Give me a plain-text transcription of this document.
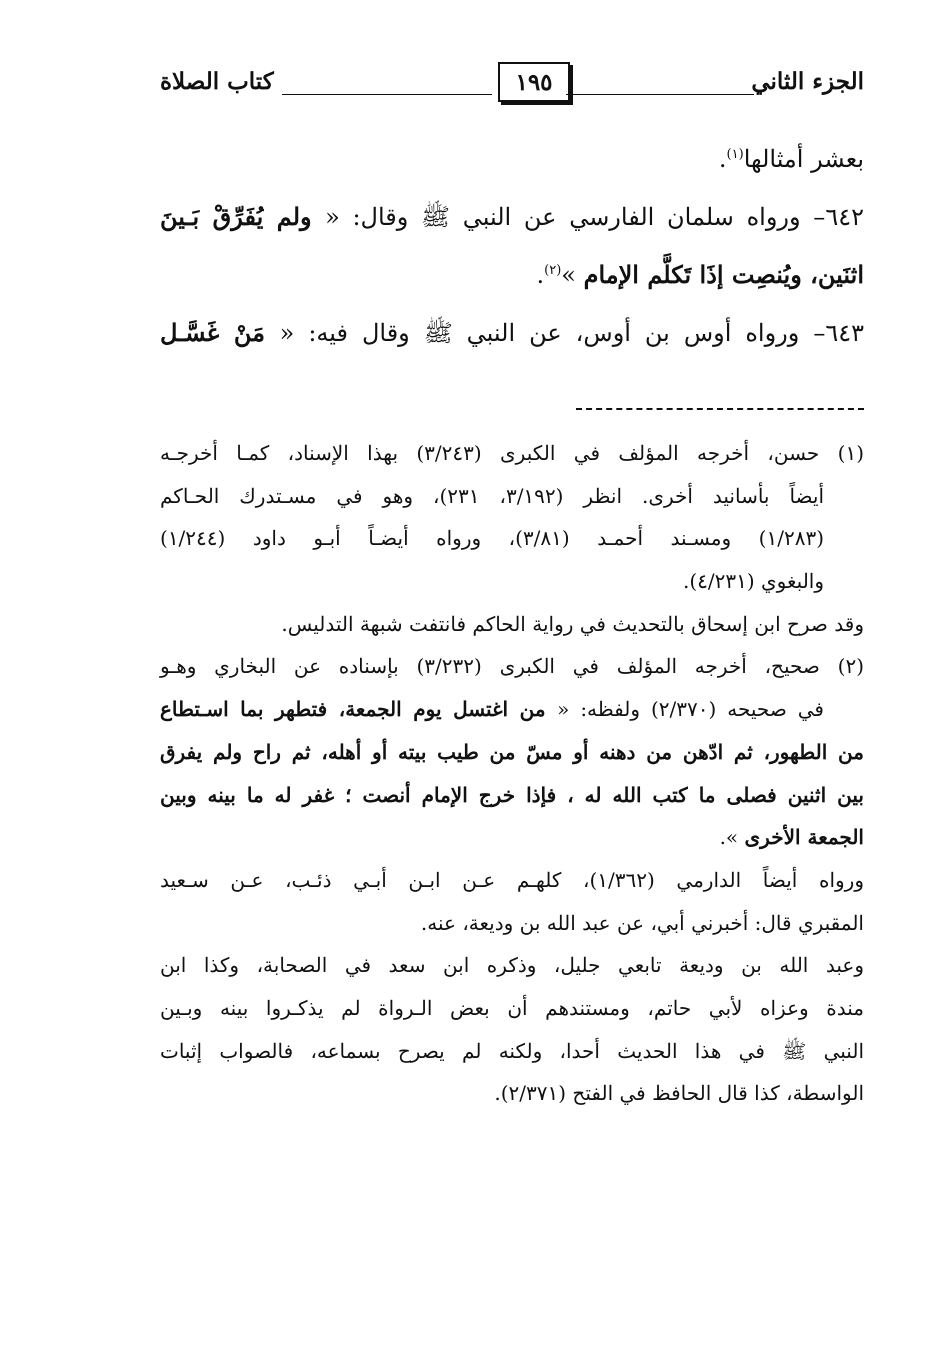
الجزء الثاني
١٩٥
كتاب الصلاة
بعشر أمثالها$^{(١)}$.
٦٤٢– ورواه سلمان الفارسي عن النبي ﷺ وقال: « ولم يُفَرِّقْ بَـينَ
اثنَين، ويُنصِت إذَا تَكلَّم الإمام »$^{(٢)}$.
٦٤٣– ورواه أوس بن أوس، عن النبي ﷺ وقال فيه: « مَنْ غَسَّـل
(١) حسن، أخرجه المؤلف في الكبرى (٣/٢٤٣) بهذا الإسناد، كمـا أخرجـه
أيضاً بأسانيد أخرى. انظر (٣/١٩٢، ٢٣١)، وهو في مسـتدرك الحـاكم
(١/٢٨٣) ومسـند أحمـد (٣/٨١)، ورواه أيضـاً أبـو داود (١/٢٤٤)
والبغوي (٤/٢٣١).
وقد صرح ابن إسحاق بالتحديث في رواية الحاكم فانتفت شبهة التدليس.
(٢) صحيح، أخرجه المؤلف في الكبرى (٣/٢٣٢) بإسناده عن البخاري وهـو
في صحيحه (٢/٣٧٠) ولفظه: « من اغتسل يوم الجمعة، فتطهر بما اسـتطاع
من الطهور، ثم ادّهن من دهنه أو مسّ من طيب بيته أو أهله، ثم راح ولم يفرق
بين اثنين فصلى ما كتب الله له ، فإذا خرج الإمام أنصت ؛ غفر له ما بينه وبين
الجمعة الأخرى ».
ورواه أيضاً الدارمي (١/٣٦٢)، كلهـم عـن ابـن أبـي ذئـب، عـن سـعيد
المقبري قال: أخبرني أبي، عن عبد الله بن وديعة، عنه.
وعبد الله بن وديعة تابعي جليل، وذكره ابن سعد في الصحابة، وكذا ابن
مندة وعزاه لأبي حاتم، ومستندهم أن بعض الـرواة لم يذكـروا بينه وبـين
النبي ﷺ في هذا الحديث أحدا، ولكنه لم يصرح بسماعه، فالصواب إثبات
الواسطة، كذا قال الحافظ في الفتح (٢/٣٧١).
